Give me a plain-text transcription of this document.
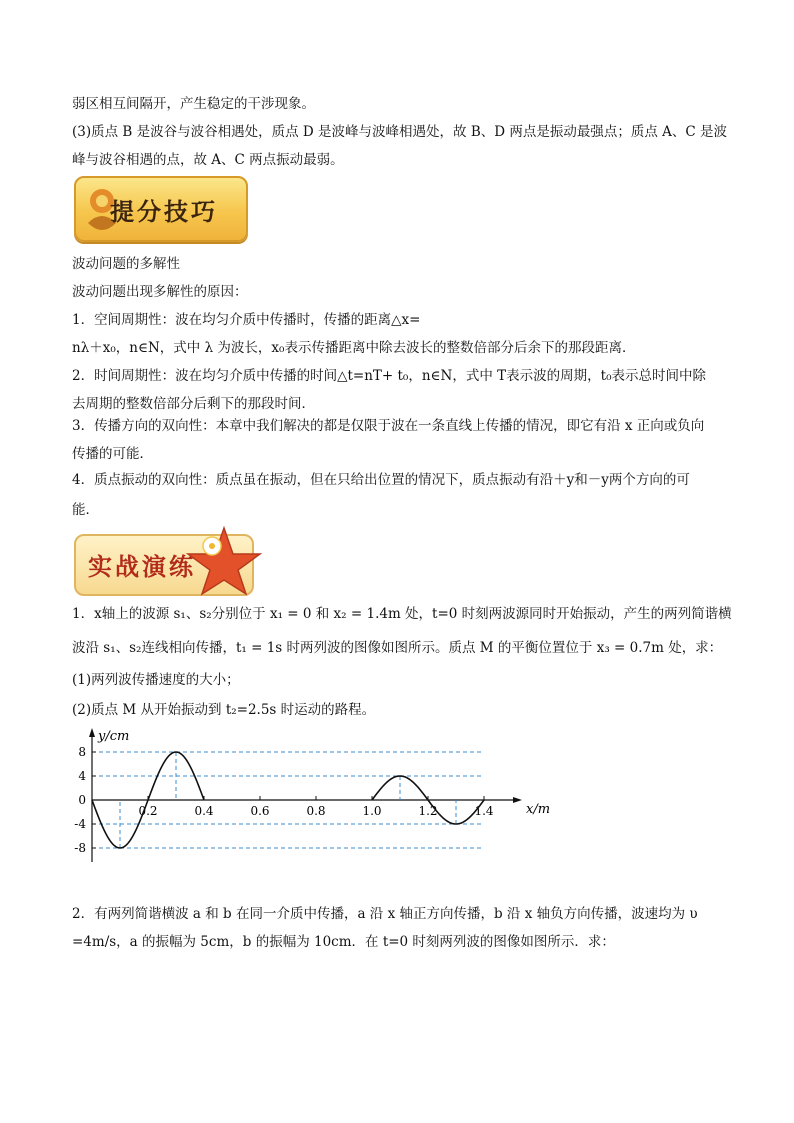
弱区相互间隔开，产生稳定的干涉现象。

(3)质点 B 是波谷与波谷相遇处，质点 D 是波峰与波峰相遇处，故 B、D 两点是振动最强点；质点 A、C 是波

峰与波谷相遇的点，故 A、C 两点振动最弱。

提分技巧

波动问题的多解性

波动问题出现多解性的原因：

1．空间周期性：波在均匀介质中传播时，传播的距离△x=

nλ＋x₀，n∈N，式中 λ 为波长，x₀表示传播距离中除去波长的整数倍部分后余下的那段距离．

2．时间周期性：波在均匀介质中传播的时间△t=nT+ t₀，n∈N，式中 T表示波的周期，t₀表示总时间中除

去周期的整数倍部分后剩下的那段时间．

3．传播方向的双向性：本章中我们解决的都是仅限于波在一条直线上传播的情况，即它有沿 x 正向或负向

传播的可能．

4．质点振动的双向性：质点虽在振动，但在只给出位置的情况下，质点振动有沿＋y和－y两个方向的可

能．

实战演练

1．x轴上的波源 s₁、s₂分别位于 x₁ = 0 和 x₂ = 1.4m 处，t=0 时刻两波源同时开始振动，产生的两列简谐横

波沿 s₁、s₂连线相向传播，t₁ = 1s 时两列波的图像如图所示。质点 M 的平衡位置位于 x₃ = 0.7m 处，求：

(1)两列波传播速度的大小；

(2)质点 M 从开始振动到 t₂=2.5s 时运动的路程。

y/cm
x/m
8
4
0
-4
-8
0.2	0.4	0.6	0.8	1.0	1.2	1.4

2．有两列简谐横波 a 和 b 在同一介质中传播，a 沿 x 轴正方向传播，b 沿 x 轴负方向传播，波速均为 υ

=4m/s，a 的振幅为 5cm，b 的振幅为 10cm．在 t=0 时刻两列波的图像如图所示．求：
